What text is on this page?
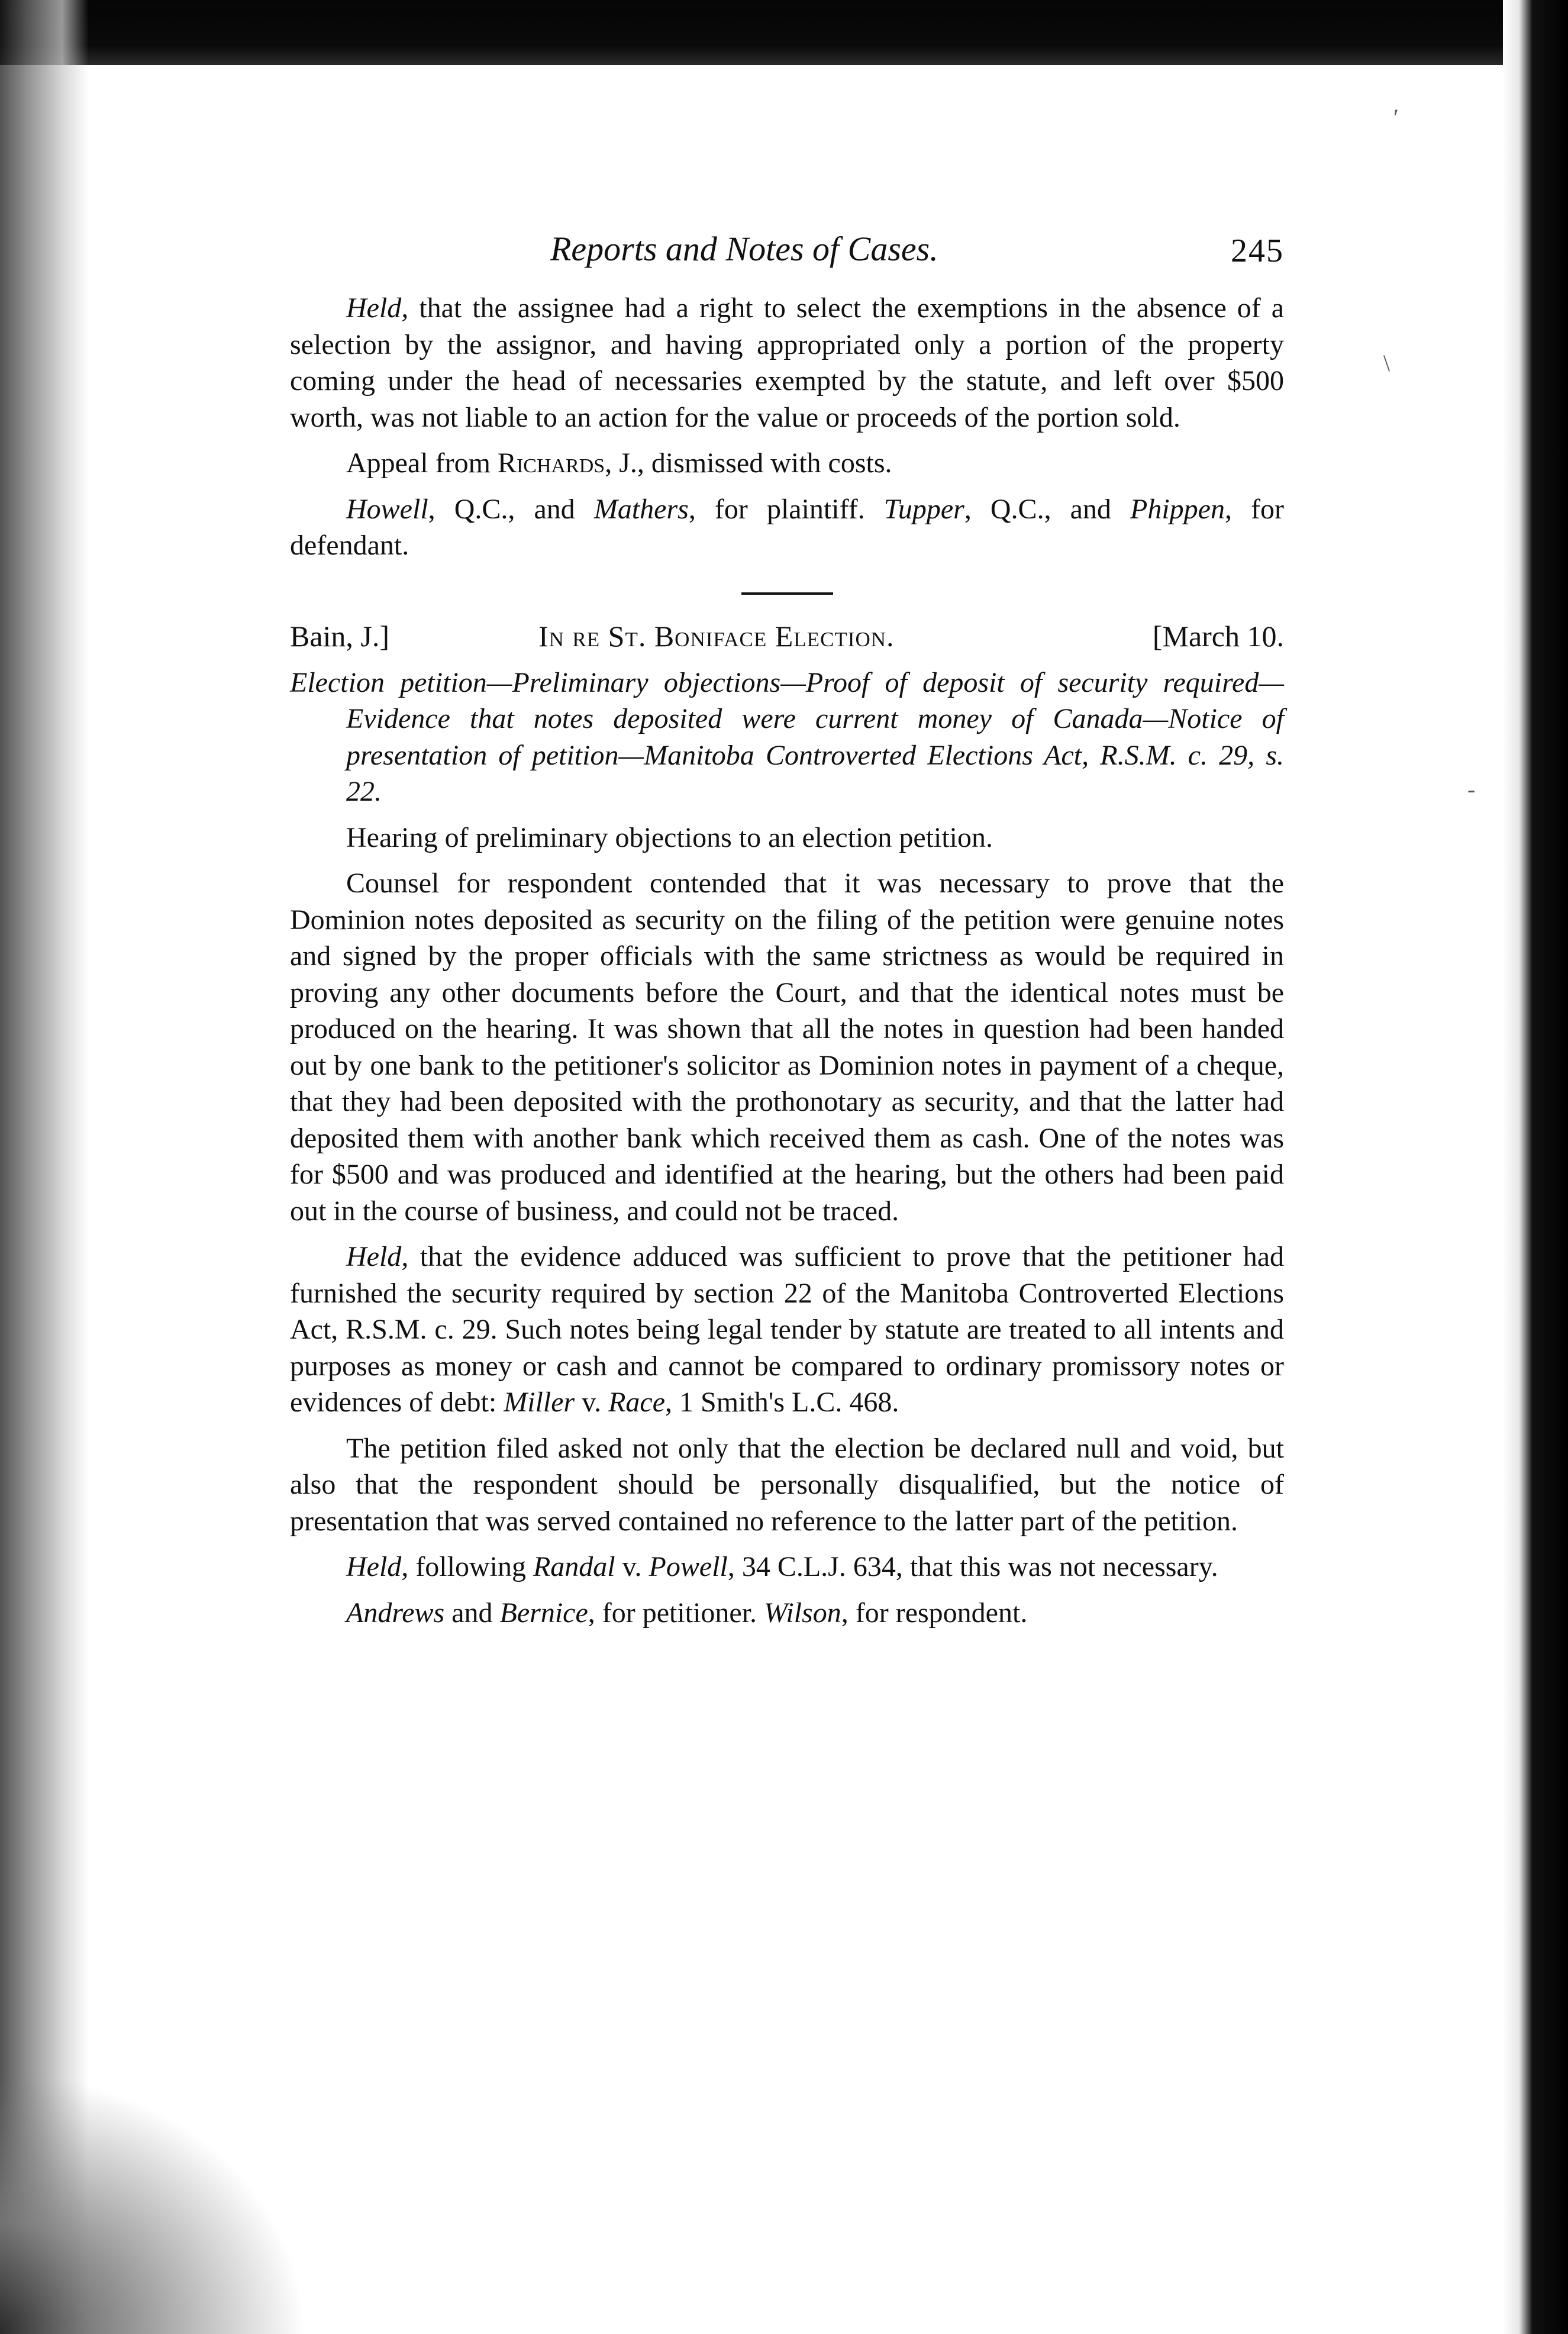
′
\
-
Reports and Notes of Cases.	245

Held, that the assignee had a right to select the exemptions in the absence of a selection by the assignor, and having appropriated only a portion of the property coming under the head of necessaries exempted by the statute, and left over $500 worth, was not liable to an action for the value or proceeds of the portion sold.

Appeal from Richards, J., dismissed with costs.

Howell, Q.C., and Mathers, for plaintiff. Tupper, Q.C., and Phippen, for defendant.

Bain, J.]	In re St. Boniface Election.	[March 10.

Election petition—Preliminary objections—Proof of deposit of security required—Evidence that notes deposited were current money of Canada—Notice of presentation of petition—Manitoba Controverted Elections Act, R.S.M. c. 29, s. 22.

Hearing of preliminary objections to an election petition.

Counsel for respondent contended that it was necessary to prove that the Dominion notes deposited as security on the filing of the petition were genuine notes and signed by the proper officials with the same strictness as would be required in proving any other documents before the Court, and that the identical notes must be produced on the hearing. It was shown that all the notes in question had been handed out by one bank to the petitioner's solicitor as Dominion notes in payment of a cheque, that they had been deposited with the prothonotary as security, and that the latter had deposited them with another bank which received them as cash. One of the notes was for $500 and was produced and identified at the hearing, but the others had been paid out in the course of business, and could not be traced.

Held, that the evidence adduced was sufficient to prove that the petitioner had furnished the security required by section 22 of the Manitoba Controverted Elections Act, R.S.M. c. 29. Such notes being legal tender by statute are treated to all intents and purposes as money or cash and cannot be compared to ordinary promissory notes or evidences of debt: Miller v. Race, 1 Smith's L.C. 468.

The petition filed asked not only that the election be declared null and void, but also that the respondent should be personally disqualified, but the notice of presentation that was served contained no reference to the latter part of the petition.

Held, following Randal v. Powell, 34 C.L.J. 634, that this was not necessary.

Andrews and Bernice, for petitioner. Wilson, for respondent.
